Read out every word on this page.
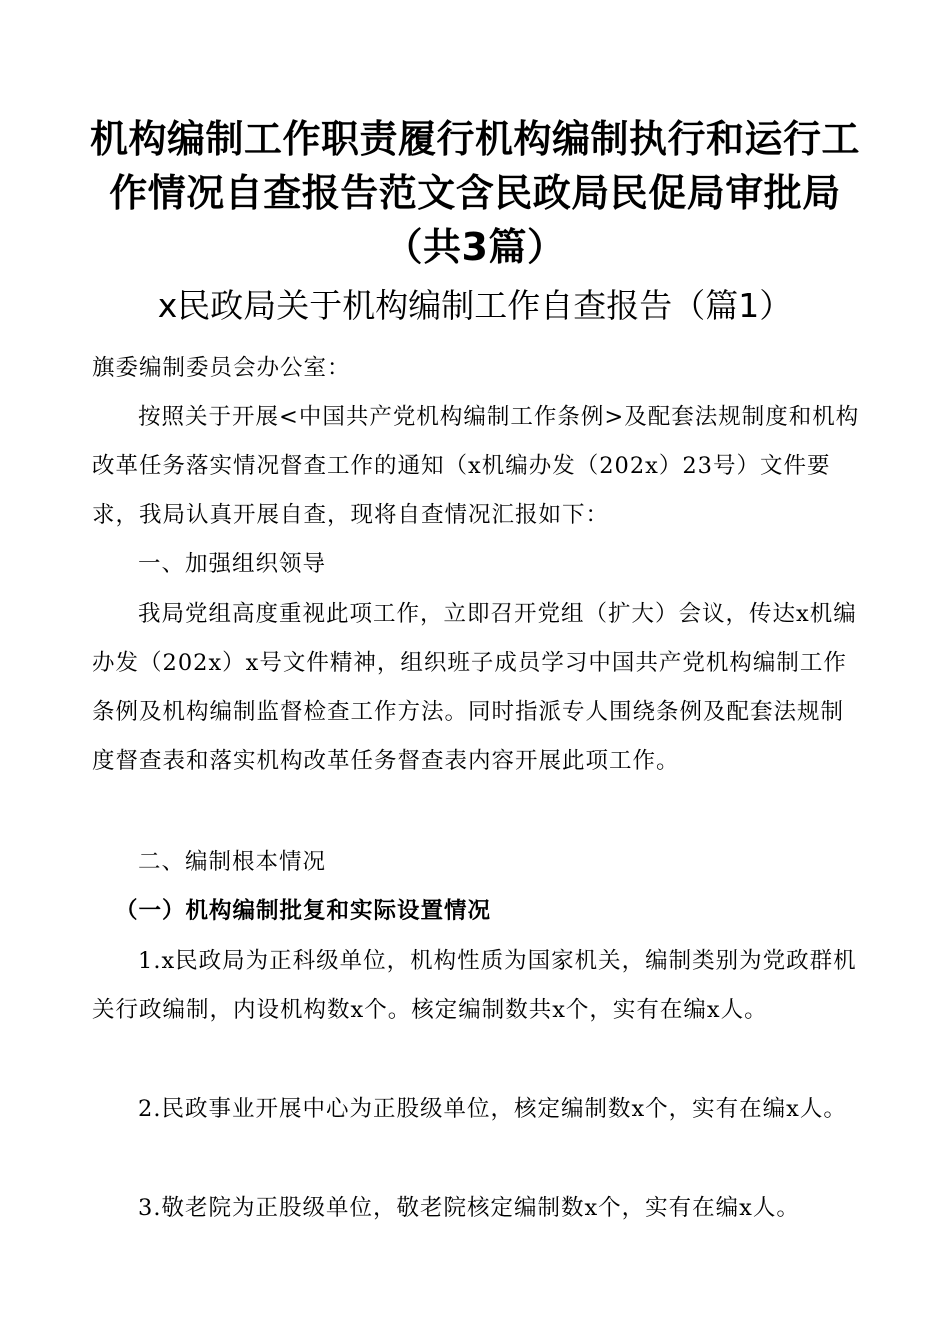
机构编制工作职责履行机构编制执行和运行工
作情况自查报告范文含民政局民促局审批局
（共3篇）
x民政局关于机构编制工作自查报告（篇1）

旗委编制委员会办公室：

按照关于开展<中国共产党机构编制工作条例>及配套法规制度和机构改革任务落实情况督查工作的通知（x机编办发（202x）23号）文件要求，我局认真开展自查，现将自查情况汇报如下：

一、加强组织领导

我局党组高度重视此项工作，立即召开党组（扩大）会议，传达x机编办发（202x）x号文件精神，组织班子成员学习中国共产党机构编制工作条例及机构编制监督检查工作方法。同时指派专人围绕条例及配套法规制度督查表和落实机构改革任务督查表内容开展此项工作。

二、编制根本情况

（一）机构编制批复和实际设置情况

1.x民政局为正科级单位，机构性质为国家机关，编制类别为党政群机关行政编制，内设机构数x个。核定编制数共x个，实有在编x人。

2.民政事业开展中心为正股级单位，核定编制数x个，实有在编x人。

3.敬老院为正股级单位，敬老院核定编制数x个，实有在编x人。
